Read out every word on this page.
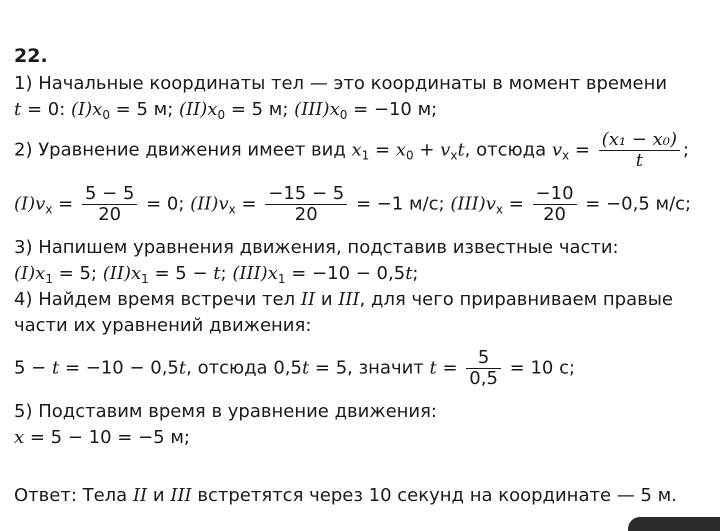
22.
1) Начальные координаты тел — это координаты в момент времени
t = 0: $(I)x_0 = 5$ м; $(II)x_0 = 5$ м; $(III)x_0 = -10$ м;
2) Уравнение движения имеет вид $x_1 = x_0 + v_xt$, отсюда $v_x = \frac{\text{(x₁ − x₀)}}{t}$ ;
$(I)v_x = \frac{5 - 5}{20} = 0$; $(II)v_x = \frac{-15 - 5}{20} = -1$ м/с; $(III)v_x = \frac{-10}{20} = -0,5$ м/с;
3) Напишем уравнения движения, подставив известные части:
$(I)x_1 = 5$; $(II)x_1 = 5 - t$; $(III)x_1 = -10 - 0,5t$;
4) Найдем время встречи тел II и III, для чего приравниваем правые
части их уравнений движения:
5 − t = −10 − 0,5t, отсюда 0,5t = 5, значит $t = \frac{5}{0,5} = 10$ с;
5) Подставим время в уравнение движения:
x = 5 − 10 = −5 м;
Ответ: Тела II и III встретятся через 10 секунд на координате — 5 м.
